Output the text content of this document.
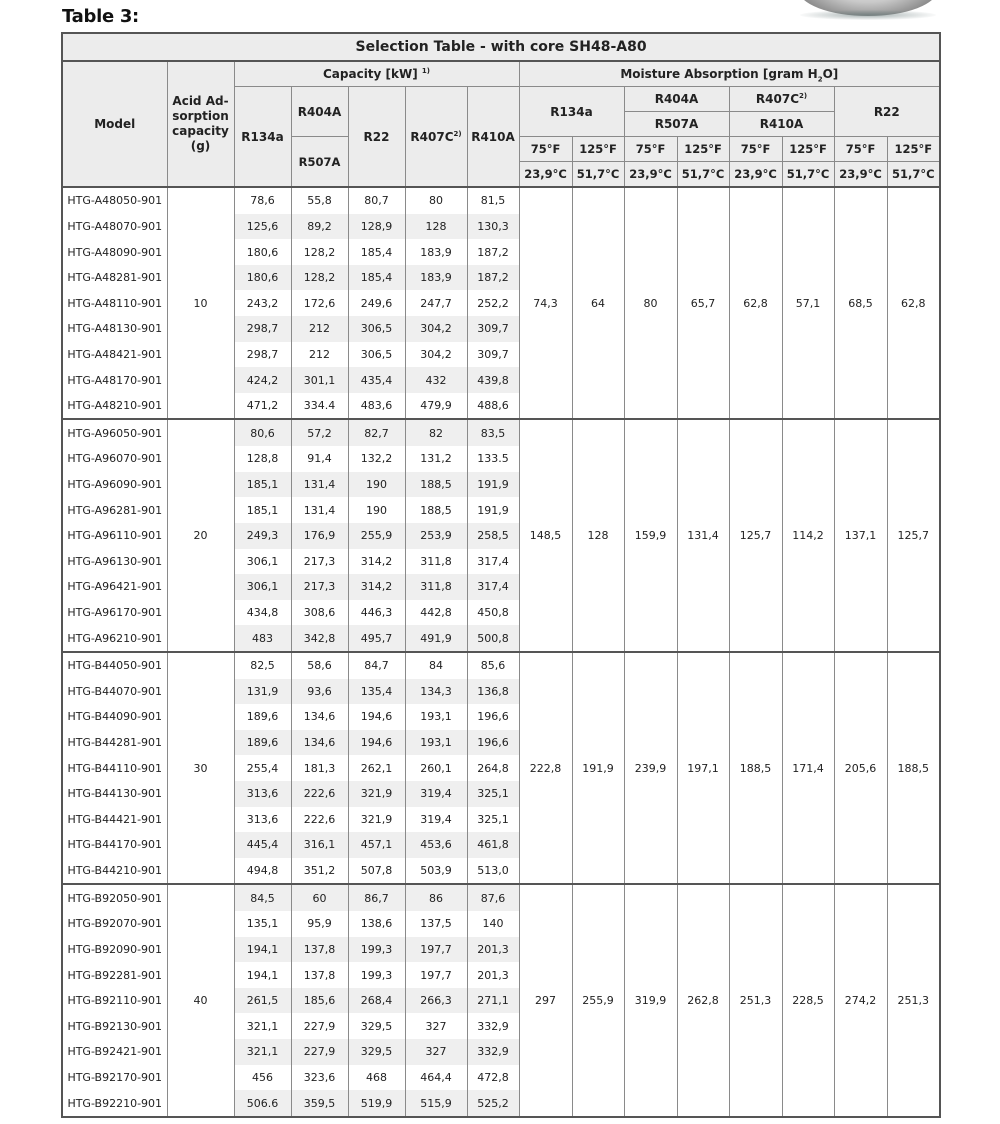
Table 3:
Selection Table - with core SH48-A80														
Model	Acid Ad-sorption capacity (g)	Capacity [kW] $^{1)}$					Moisture Absorption [gram $H_2O$]							
		R134a	R404A	R22	$R407C^{2)}$	R410A	R134a		R404A		$R407C^{2)}$		R22	
									R507A		R410A			
			R507A				75°F	125°F	75°F	125°F	75°F	125°F	75°F	125°F
							23,9°C	51,7°C	23,9°C	51,7°C	23,9°C	51,7°C	23,9°C	51,7°C
HTG-A48050-901	10	78,6	55,8	80,7	80	81,5	74,3	64	80	65,7	62,8	57,1	68,5	62,8
HTG-A48070-901		125,6	89,2	128,9	128	130,3								
HTG-A48090-901		180,6	128,2	185,4	183,9	187,2								
HTG-A48281-901		180,6	128,2	185,4	183,9	187,2								
HTG-A48110-901		243,2	172,6	249,6	247,7	252,2								
HTG-A48130-901		298,7	212	306,5	304,2	309,7								
HTG-A48421-901		298,7	212	306,5	304,2	309,7								
HTG-A48170-901		424,2	301,1	435,4	432	439,8								
HTG-A48210-901		471,2	334.4	483,6	479,9	488,6								
HTG-A96050-901	20	80,6	57,2	82,7	82	83,5	148,5	128	159,9	131,4	125,7	114,2	137,1	125,7
HTG-A96070-901		128,8	91,4	132,2	131,2	133.5								
HTG-A96090-901		185,1	131,4	190	188,5	191,9								
HTG-A96281-901		185,1	131,4	190	188,5	191,9								
HTG-A96110-901		249,3	176,9	255,9	253,9	258,5								
HTG-A96130-901		306,1	217,3	314,2	311,8	317,4								
HTG-A96421-901		306,1	217,3	314,2	311,8	317,4								
HTG-A96170-901		434,8	308,6	446,3	442,8	450,8								
HTG-A96210-901		483	342,8	495,7	491,9	500,8								
HTG-B44050-901	30	82,5	58,6	84,7	84	85,6	222,8	191,9	239,9	197,1	188,5	171,4	205,6	188,5
HTG-B44070-901		131,9	93,6	135,4	134,3	136,8								
HTG-B44090-901		189,6	134,6	194,6	193,1	196,6								
HTG-B44281-901		189,6	134,6	194,6	193,1	196,6								
HTG-B44110-901		255,4	181,3	262,1	260,1	264,8								
HTG-B44130-901		313,6	222,6	321,9	319,4	325,1								
HTG-B44421-901		313,6	222,6	321,9	319,4	325,1								
HTG-B44170-901		445,4	316,1	457,1	453,6	461,8								
HTG-B44210-901		494,8	351,2	507,8	503,9	513,0								
HTG-B92050-901	40	84,5	60	86,7	86	87,6	297	255,9	319,9	262,8	251,3	228,5	274,2	251,3
HTG-B92070-901		135,1	95,9	138,6	137,5	140								
HTG-B92090-901		194,1	137,8	199,3	197,7	201,3								
HTG-B92281-901		194,1	137,8	199,3	197,7	201,3								
HTG-B92110-901		261,5	185,6	268,4	266,3	271,1								
HTG-B92130-901		321,1	227,9	329,5	327	332,9								
HTG-B92421-901		321,1	227,9	329,5	327	332,9								
HTG-B92170-901		456	323,6	468	464,4	472,8								
HTG-B92210-901		506.6	359,5	519,9	515,9	525,2								
